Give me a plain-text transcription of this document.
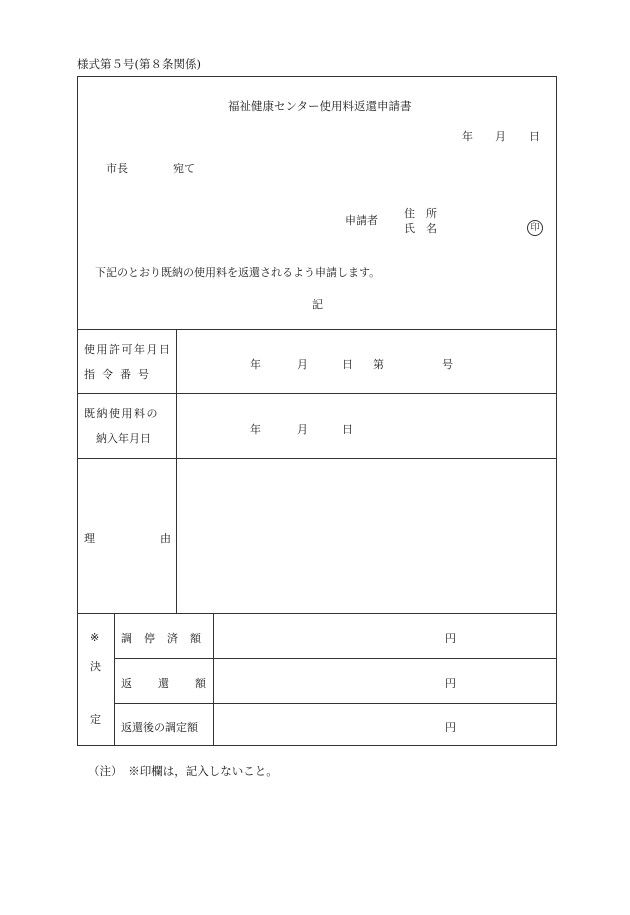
様式第５号(第８条関係)
福祉健康センター使用料返還申請書
年 月 日
市長	宛て
申請者
住　所
氏　名	印
下記のとおり既納の使用料を返還されるよう申請します。
記
使用許可年月日
指令番号
年	月	日 第	号
既納使用料の
納入年月日
年	月	日
理	由
※
決
定
調停済額	円
返還額	円
返還後の調定額	円
（注）　※印欄は，記入しないこと。
